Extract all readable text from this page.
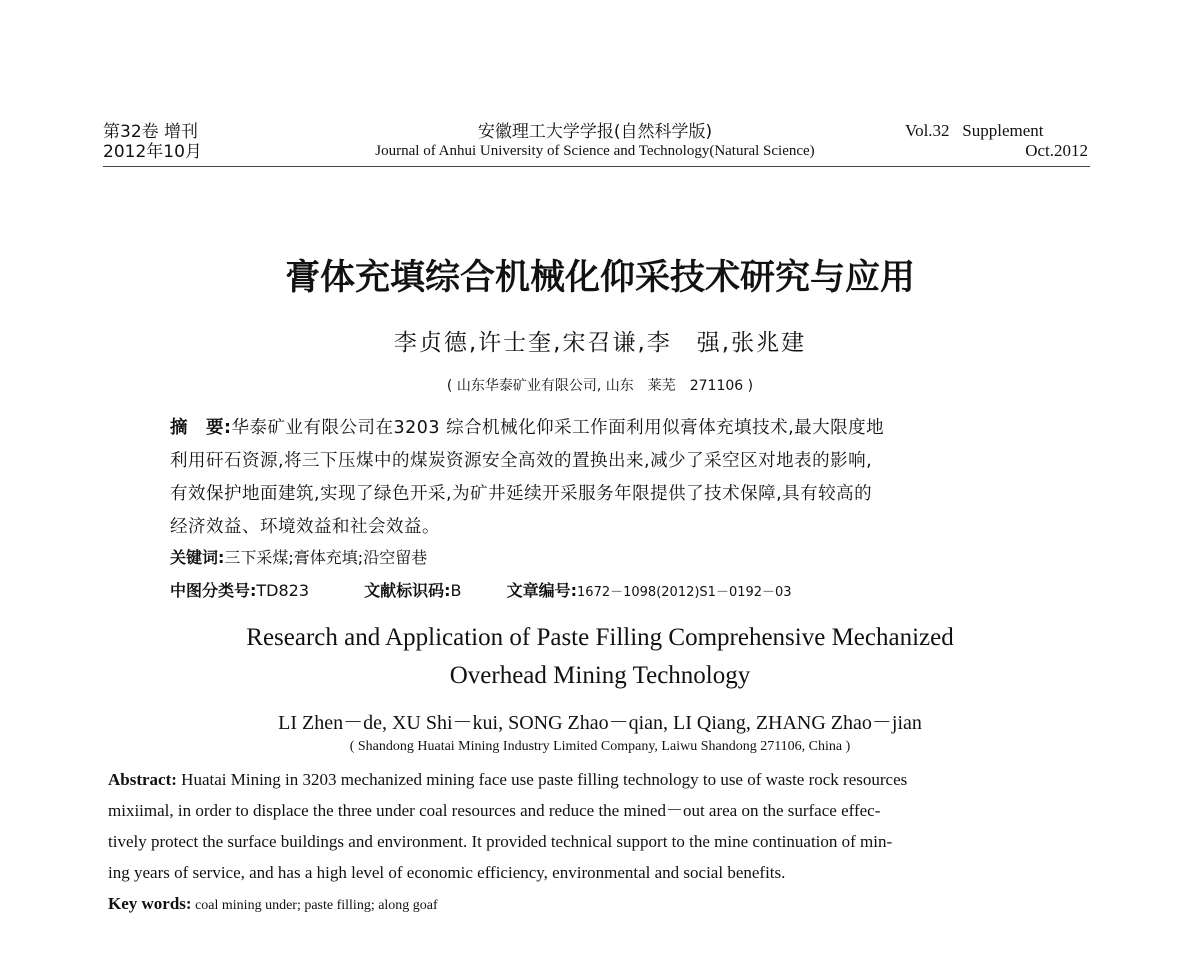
第32卷 增刊
2012年10月
安徽理工大学学报(自然科学版)
Journal of Anhui University of Science and Technology(Natural Science)
Vol.32   Supplement
Oct.2012
膏体充填综合机械化仰采技术研究与应用
李贞德,许士奎,宋召谦,李　强,张兆建
( 山东华泰矿业有限公司, 山东　莱芜　271106 )
摘　要:华泰矿业有限公司在3203 综合机械化仰采工作面利用似膏体充填技术,最大限度地
利用矸石资源,将三下压煤中的煤炭资源安全高效的置换出来,减少了采空区对地表的影响,
有效保护地面建筑,实现了绿色开采,为矿井延续开采服务年限提供了技术保障,具有较高的
经济效益、环境效益和社会效益。
关键词:三下采煤;膏体充填;沿空留巷
中图分类号:TD823	文献标识码:B	文章编号:1672－1098(2012)S1－0192－03
Research and Application of Paste Filling Comprehensive Mechanized
Overhead Mining Technology
LI Zhen－de, XU Shi－kui, SONG Zhao－qian, LI Qiang, ZHANG Zhao－jian
( Shandong Huatai Mining Industry Limited Company, Laiwu Shandong 271106, China )
Abstract: Huatai Mining in 3203 mechanized mining face use paste filling technology to use of waste rock resources
mixiimal, in order to displace the three under coal resources and reduce the mined－out area on the surface effec-
tively protect the surface buildings and environment. It provided technical support to the mine continuation of min-
ing years of service, and has a high level of economic efficiency, environmental and social benefits.
Key words: coal mining under; paste filling; along goaf
